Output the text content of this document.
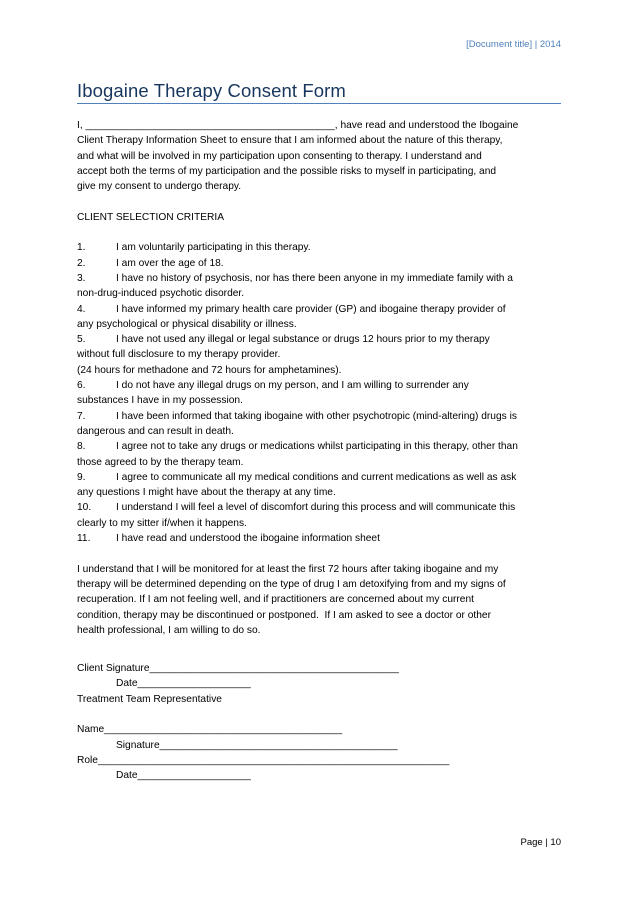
[Document title] | 2014
Ibogaine Therapy Consent Form
I, ____________________________________________, have read and understood the Ibogaine
Client Therapy Information Sheet to ensure that I am informed about the nature of this therapy,
and what will be involved in my participation upon consenting to therapy. I understand and
accept both the terms of my participation and the possible risks to myself in participating, and
give my consent to undergo therapy.

CLIENT SELECTION CRITERIA

1.	I am voluntarily participating in this therapy.
2.	I am over the age of 18.
3.	I have no history of psychosis, nor has there been anyone in my immediate family with a
non-drug-induced psychotic disorder.
4.	I have informed my primary health care provider (GP) and ibogaine therapy provider of
any psychological or physical disability or illness.
5.	I have not used any illegal or legal substance or drugs 12 hours prior to my therapy
without full disclosure to my therapy provider.
(24 hours for methadone and 72 hours for amphetamines).
6.	I do not have any illegal drugs on my person, and I am willing to surrender any
substances I have in my possession.
7.	I have been informed that taking ibogaine with other psychotropic (mind-altering) drugs is
dangerous and can result in death.
8.	I agree not to take any drugs or medications whilst participating in this therapy, other than
those agreed to by the therapy team.
9.	I agree to communicate all my medical conditions and current medications as well as ask
any questions I might have about the therapy at any time.
10. I understand I will feel a level of discomfort during this process and will communicate this
clearly to my sitter if/when it happens.
11.	I have read and understood the ibogaine information sheet
I understand that I will be monitored for at least the first 72 hours after taking ibogaine and my
therapy will be determined depending on the type of drug I am detoxifying from and my signs of
recuperation. If I am not feeling well, and if practitioners are concerned about my current
condition, therapy may be discontinued or postponed.  If I am asked to see a doctor or other
health professional, I am willing to do so.
Client Signature____________________________________________
Date____________________
Treatment Team Representative
Name__________________________________________
Signature__________________________________________
Role______________________________________________________________
Date____________________
Page | 10
